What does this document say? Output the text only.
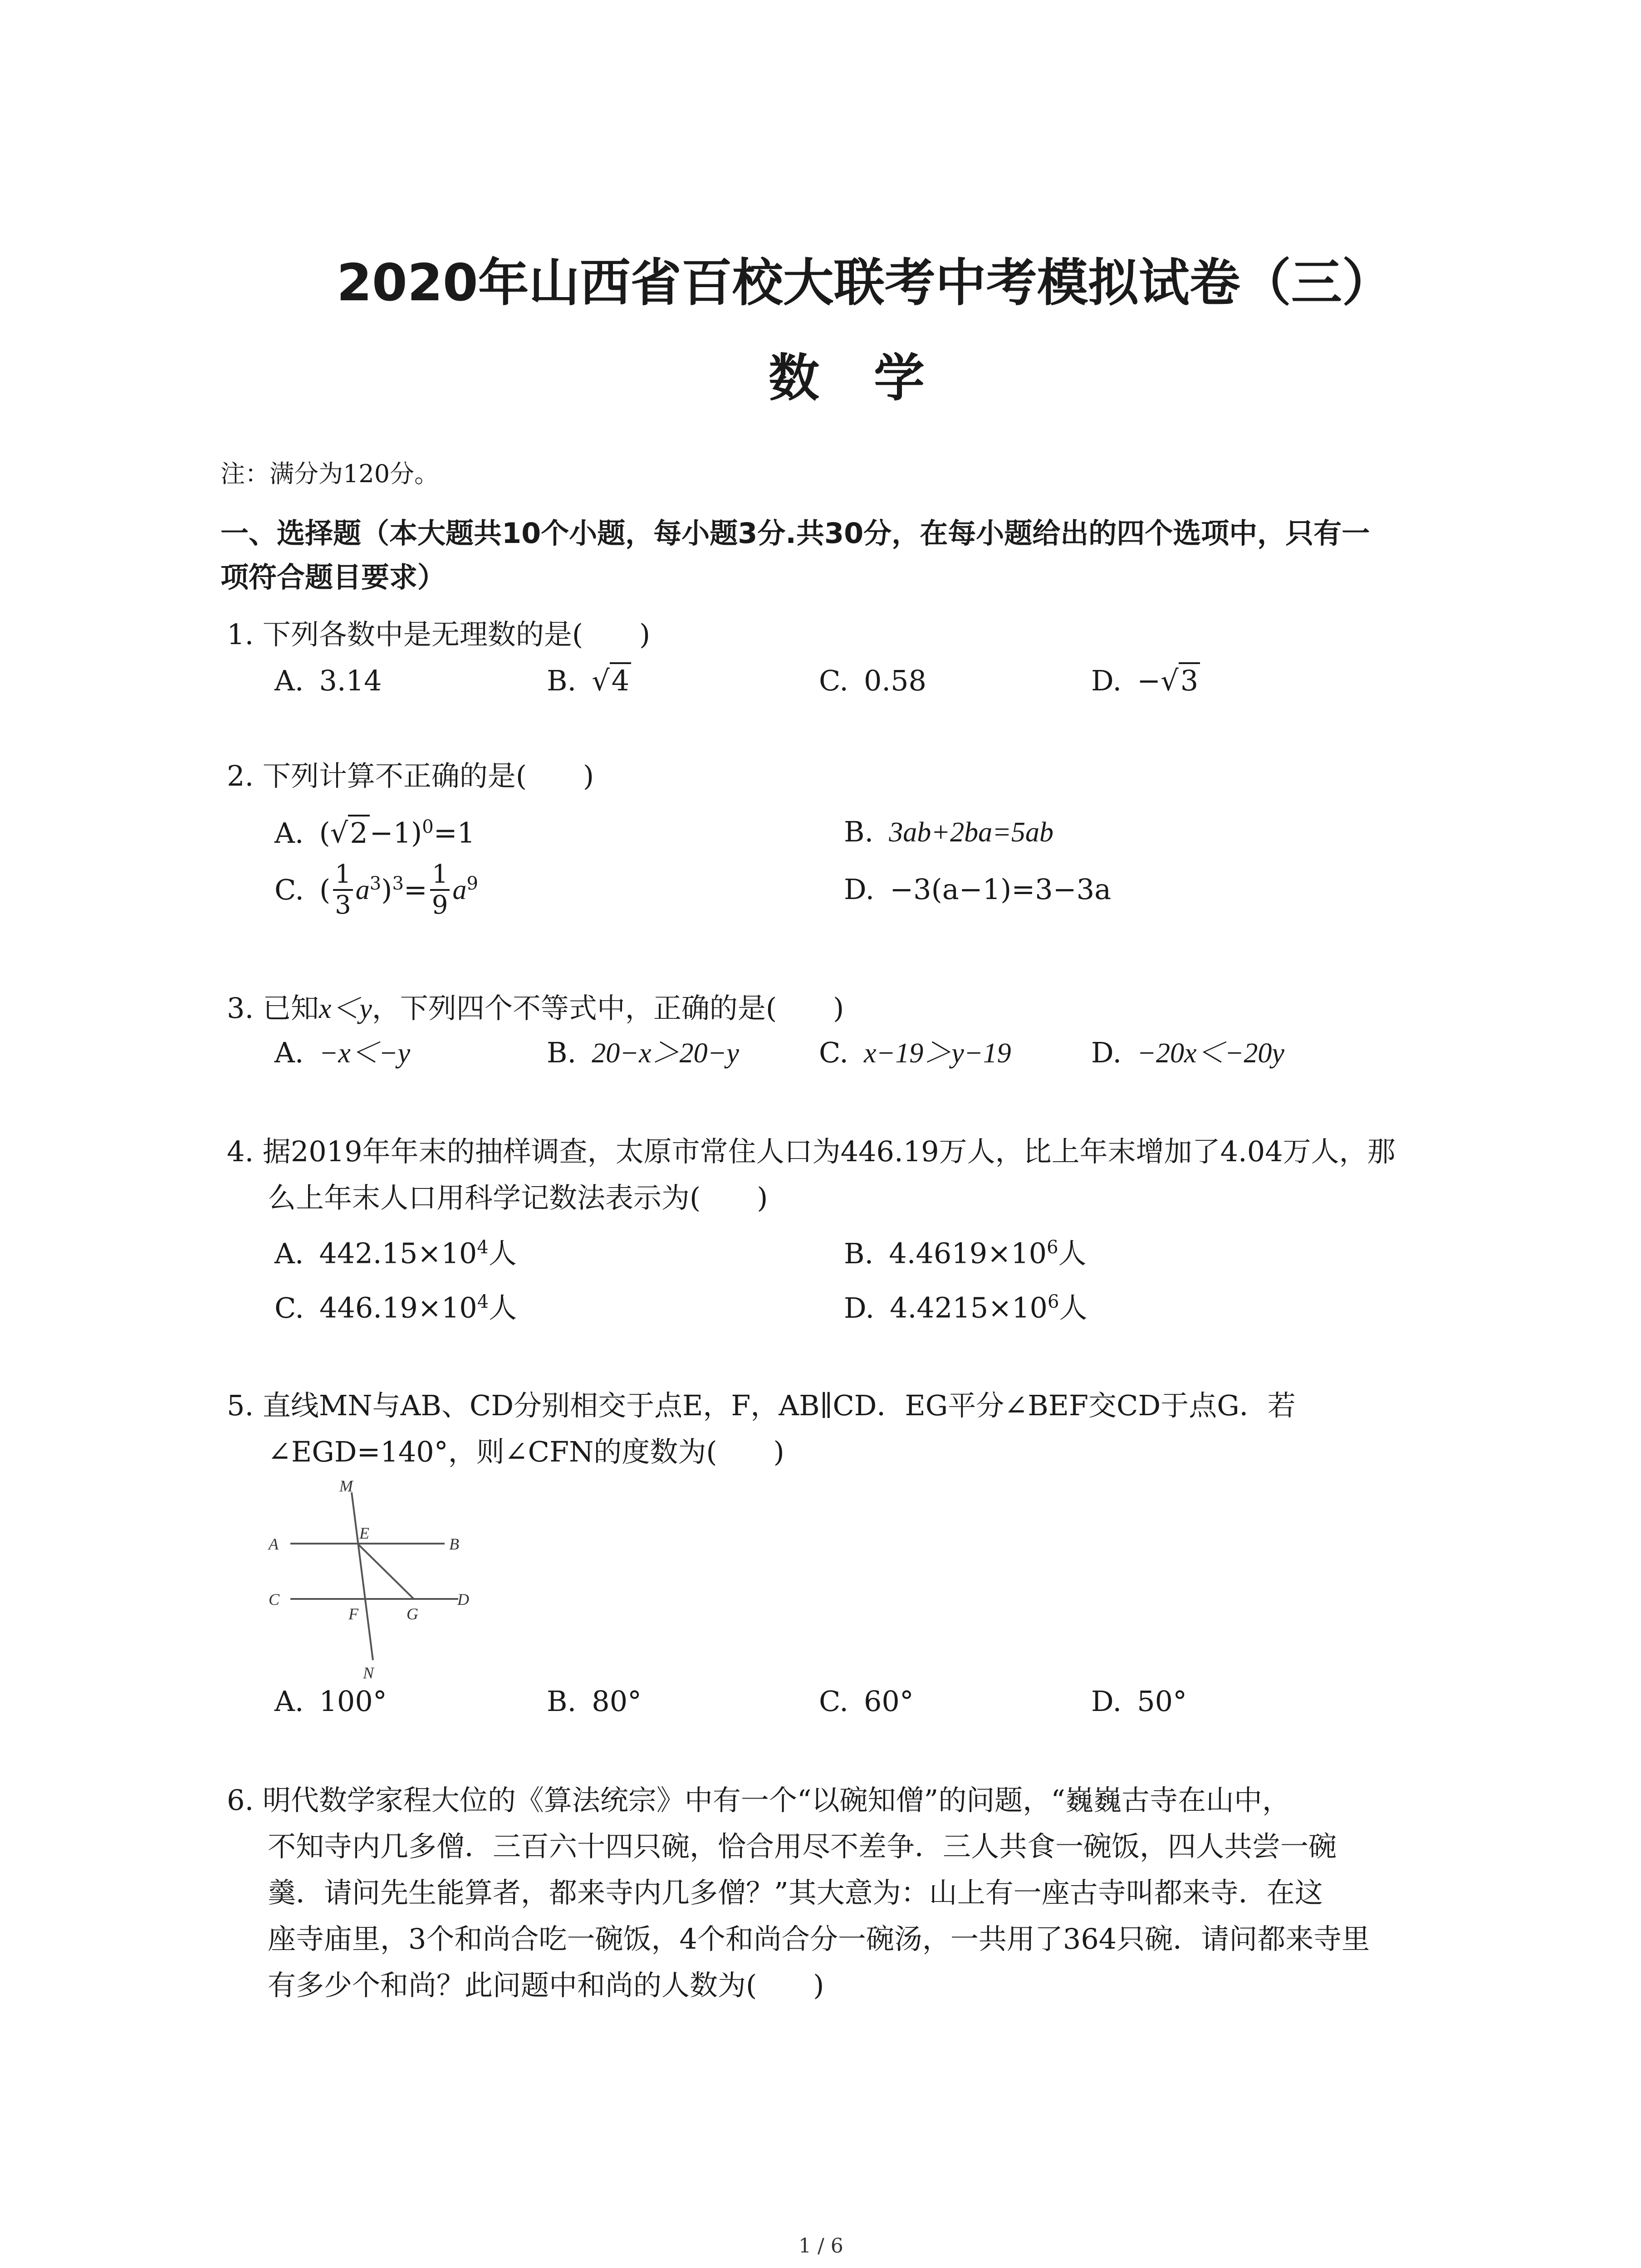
2020年山西省百校大联考中考模拟试卷（三）
数学
注：满分为120分。
一、选择题（本大题共10个小题，每小题3分.共30分，在每小题给出的四个选项中，只有一
项符合题目要求）
1. 下列各数中是无理数的是(　　)
A. 3.14	B. √4	C. 0.58	D. −√3
2. 下列计算不正确的是(　　)
A. $(√2-1)^0=1$	B. 3ab+2ba=5ab
C. ( $\frac{1}{3} a^3$ )$^3 = \frac{1}{9} a^9$	D. −3(a−1)=3−3a
3. 已知x＜y，下列四个不等式中，正确的是(　　)
A. −x＜−y	B. 20−x＞20−y	C. x−19＞y−19	D. −20x＜−20y
4. 据2019年年末的抽样调查，太原市常住人口为446.19万人，比上年末增加了4.04万人，那
么上年末人口用科学记数法表示为(　　)
A. $442.15\times 10^4$人	B. $4.4619\times 10^6$人
C. $446.19\times 10^4$人	D. $4.4215\times 10^6$人
5. 直线MN与AB、CD分别相交于点E，F，AB∥CD．EG平分∠BEF交CD于点G．若
∠EGD=140°，则∠CFN的度数为(　　)
M
A
E
B
C
F	G
D
N
A. 100°	B. 80°	C. 60°	D. 50°
6. 明代数学家程大位的《算法统宗》中有一个“以碗知僧”的问题，“巍巍古寺在山中，
不知寺内几多僧．三百六十四只碗，恰合用尽不差争．三人共食一碗饭，四人共尝一碗
羹．请问先生能算者，都来寺内几多僧？”其大意为：山上有一座古寺叫都来寺．在这
座寺庙里，3个和尚合吃一碗饭，4个和尚合分一碗汤，一共用了364只碗．请问都来寺里
有多少个和尚？此问题中和尚的人数为(　　)
1 / 6
